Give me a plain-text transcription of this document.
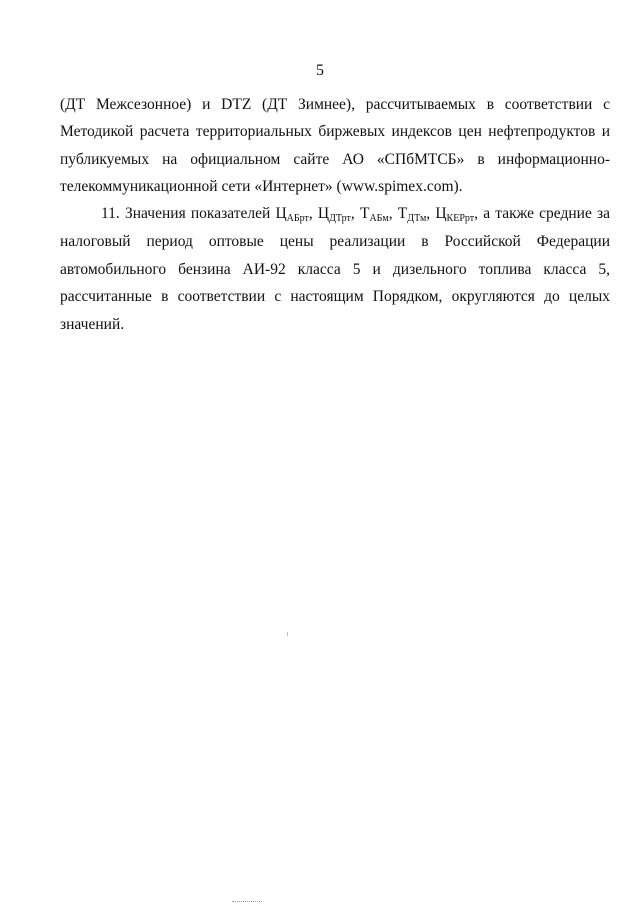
5
(ДТ Межсезонное) и DTZ (ДТ Зимнее), рассчитываемых в соответствии с
Методикой расчета территориальных биржевых индексов цен нефтепродуктов и
публикуемых на официальном сайте АО «СПбМТСБ» в информационно-
телекоммуникационной сети «Интернет» (www.spimex.com).
11. Значения показателей $Ц_{АБрт}$, $Ц_{ДТрт}$, $Т_{АБм}$, $Т_{ДТм}$, $Ц_{КЕРрт}$, а также средние за
налоговый период оптовые цены реализации в Российской Федерации
автомобильного бензина АИ-92 класса 5 и дизельного топлива класса 5,
рассчитанные в соответствии с настоящим Порядком, округляются до целых
значений.
